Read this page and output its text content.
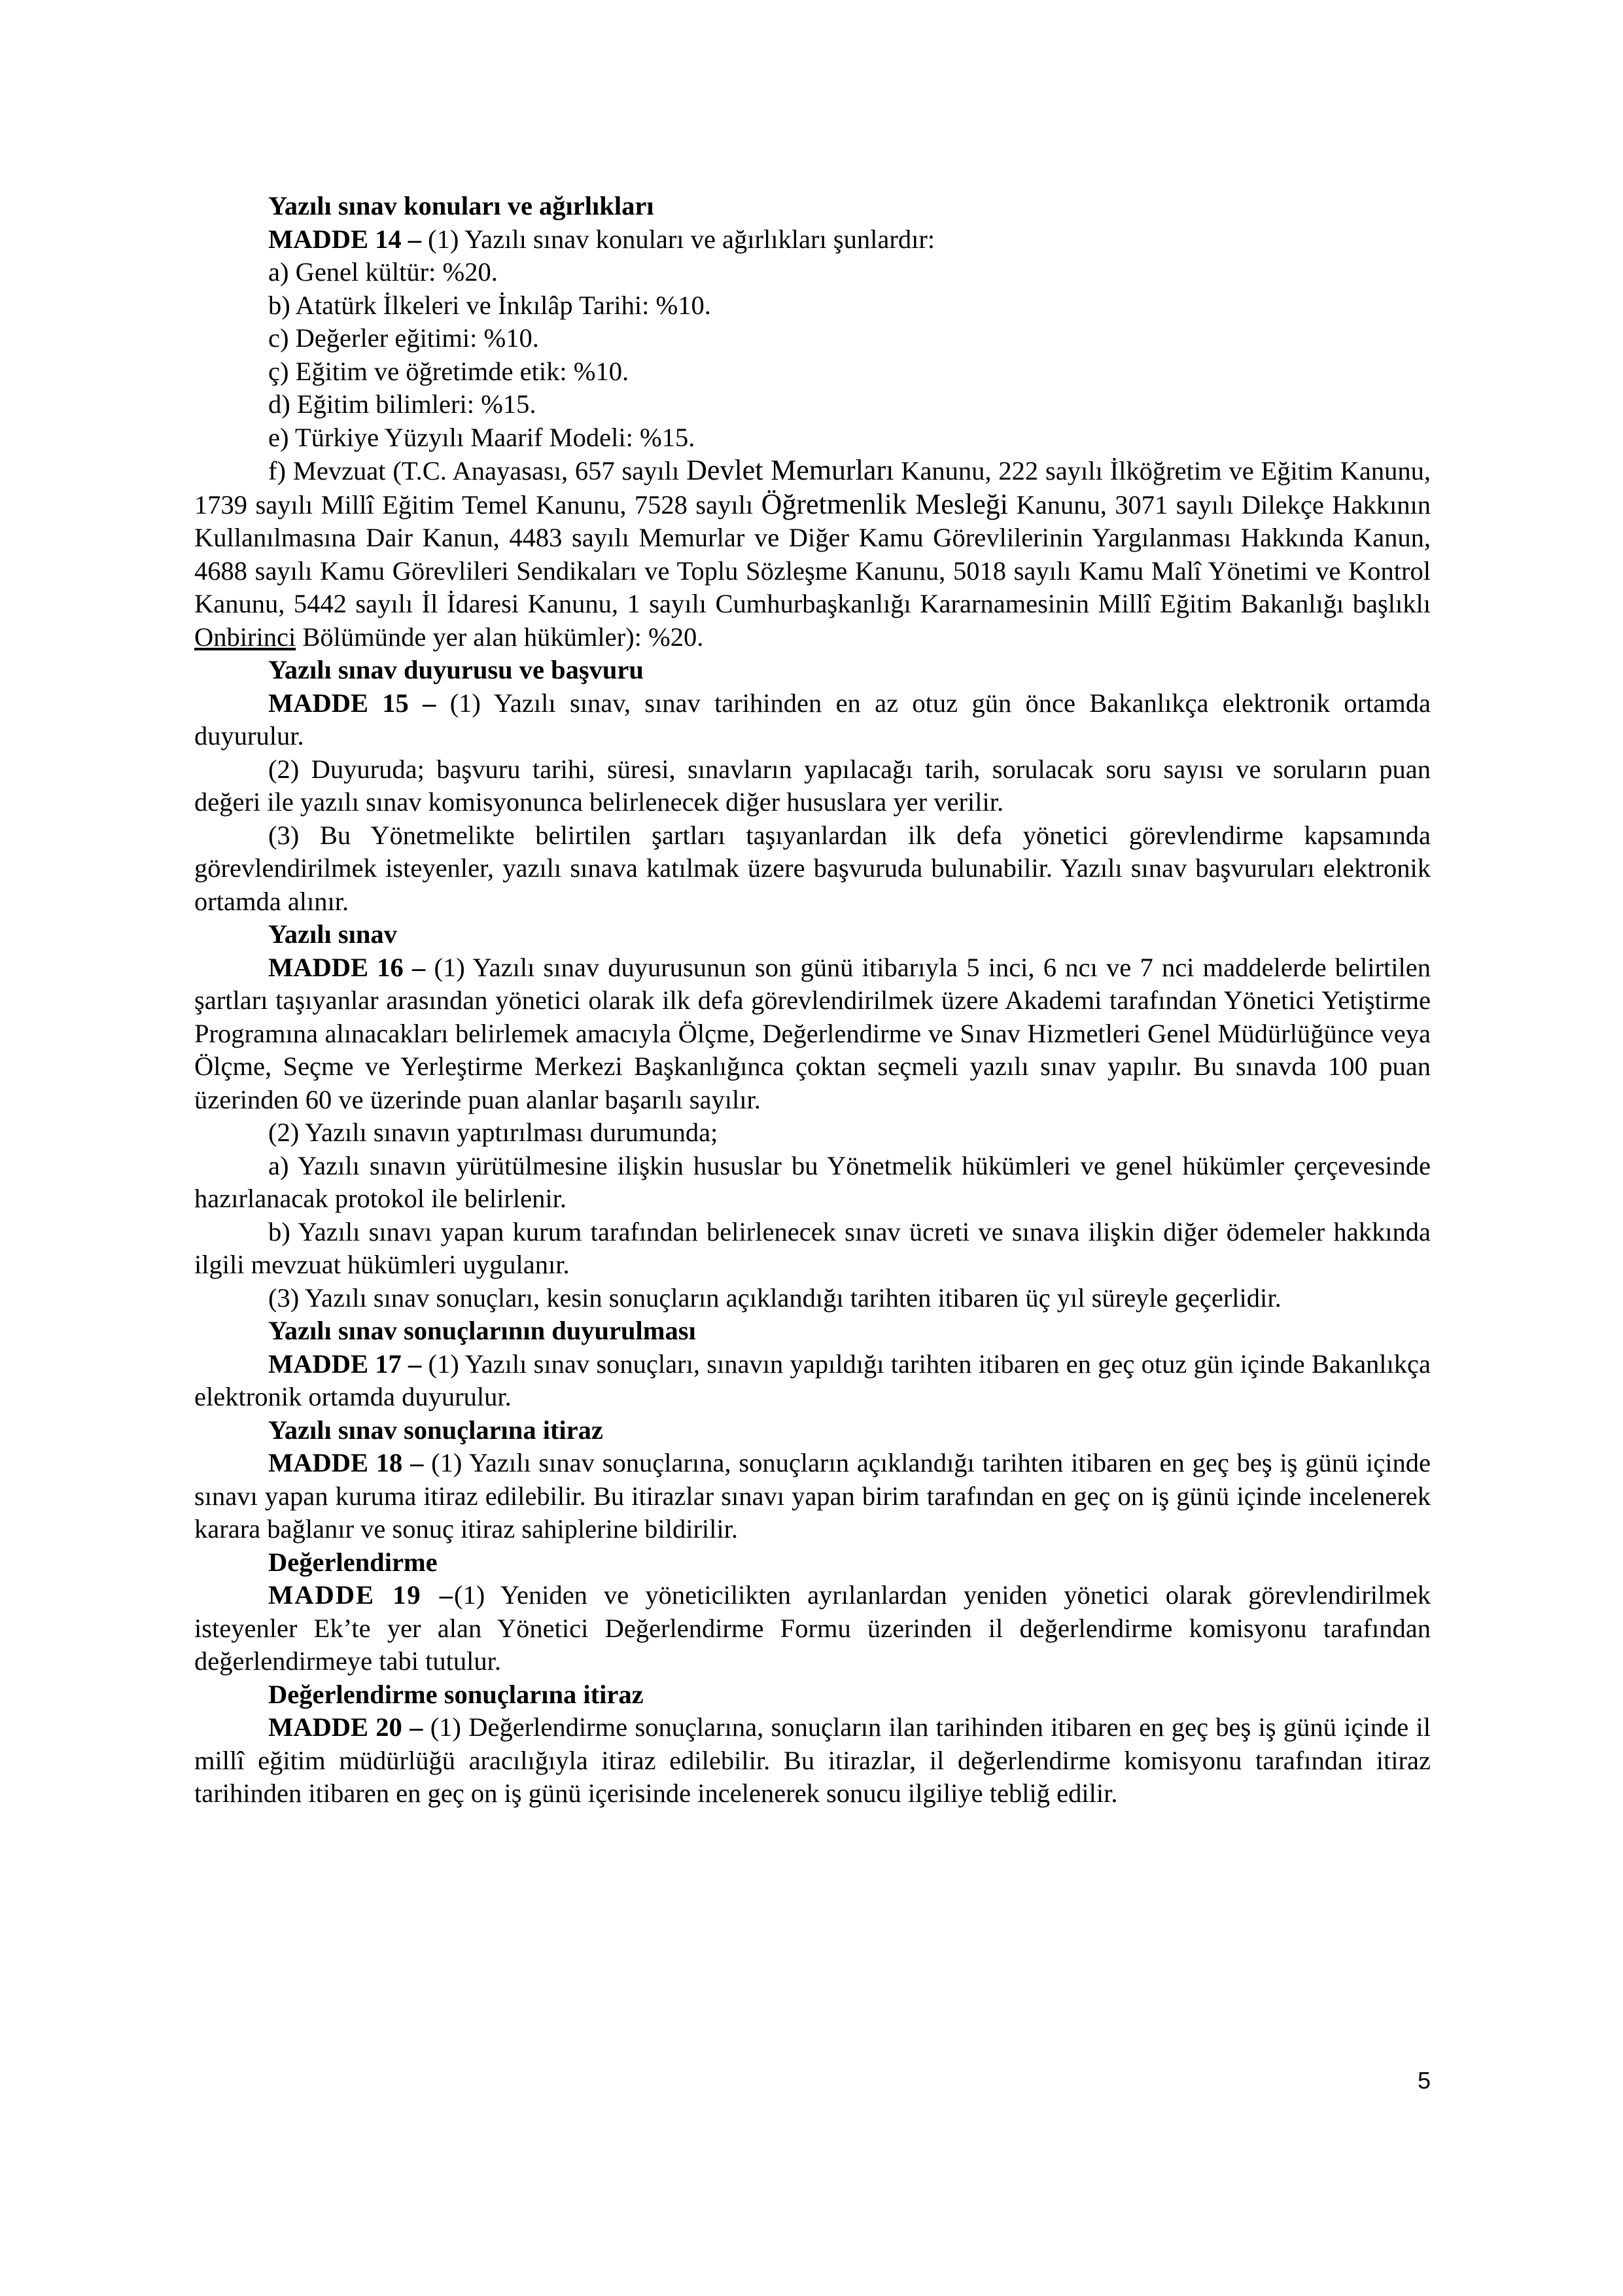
Yazılı sınav konuları ve ağırlıkları

MADDE 14 – (1) Yazılı sınav konuları ve ağırlıkları şunlardır:

a) Genel kültür: %20.

b) Atatürk İlkeleri ve İnkılâp Tarihi: %10.

c) Değerler eğitimi: %10.

ç) Eğitim ve öğretimde etik: %10.

d) Eğitim bilimleri: %15.

e) Türkiye Yüzyılı Maarif Modeli: %15.

f) Mevzuat (T.C. Anayasası, 657 sayılı Devlet Memurları Kanunu, 222 sayılı İlköğretim ve Eğitim Kanunu, 1739 sayılı Millî Eğitim Temel Kanunu, 7528 sayılı Öğretmenlik Mesleği Kanunu, 3071 sayılı Dilekçe Hakkının Kullanılmasına Dair Kanun, 4483 sayılı Memurlar ve Diğer Kamu Görevlilerinin Yargılanması Hakkında Kanun, 4688 sayılı Kamu Görevlileri Sendikaları ve Toplu Sözleşme Kanunu, 5018 sayılı Kamu Malî Yönetimi ve Kontrol Kanunu, 5442 sayılı İl İdaresi Kanunu, 1 sayılı Cumhurbaşkanlığı Kararnamesinin Millî Eğitim Bakanlığı başlıklı Onbirinci Bölümünde yer alan hükümler): %20.

Yazılı sınav duyurusu ve başvuru

MADDE 15 – (1) Yazılı sınav, sınav tarihinden en az otuz gün önce Bakanlıkça elektronik ortamda duyurulur.

(2) Duyuruda; başvuru tarihi, süresi, sınavların yapılacağı tarih, sorulacak soru sayısı ve soruların puan değeri ile yazılı sınav komisyonunca belirlenecek diğer hususlara yer verilir.

(3) Bu Yönetmelikte belirtilen şartları taşıyanlardan ilk defa yönetici görevlendirme kapsamında görevlendirilmek isteyenler, yazılı sınava katılmak üzere başvuruda bulunabilir. Yazılı sınav başvuruları elektronik ortamda alınır.

Yazılı sınav

MADDE 16 – (1) Yazılı sınav duyurusunun son günü itibarıyla 5 inci, 6 ncı ve 7 nci maddelerde belirtilen şartları taşıyanlar arasından yönetici olarak ilk defa görevlendirilmek üzere Akademi tarafından Yönetici Yetiştirme Programına alınacakları belirlemek amacıyla Ölçme, Değerlendirme ve Sınav Hizmetleri Genel Müdürlüğünce veya Ölçme, Seçme ve Yerleştirme Merkezi Başkanlığınca çoktan seçmeli yazılı sınav yapılır. Bu sınavda 100 puan üzerinden 60 ve üzerinde puan alanlar başarılı sayılır.

(2) Yazılı sınavın yaptırılması durumunda;

a) Yazılı sınavın yürütülmesine ilişkin hususlar bu Yönetmelik hükümleri ve genel hükümler çerçevesinde hazırlanacak protokol ile belirlenir.

b) Yazılı sınavı yapan kurum tarafından belirlenecek sınav ücreti ve sınava ilişkin diğer ödemeler hakkında ilgili mevzuat hükümleri uygulanır.

(3) Yazılı sınav sonuçları, kesin sonuçların açıklandığı tarihten itibaren üç yıl süreyle geçerlidir.

Yazılı sınav sonuçlarının duyurulması

MADDE 17 – (1) Yazılı sınav sonuçları, sınavın yapıldığı tarihten itibaren en geç otuz gün içinde Bakanlıkça elektronik ortamda duyurulur.

Yazılı sınav sonuçlarına itiraz

MADDE 18 – (1) Yazılı sınav sonuçlarına, sonuçların açıklandığı tarihten itibaren en geç beş iş günü içinde sınavı yapan kuruma itiraz edilebilir. Bu itirazlar sınavı yapan birim tarafından en geç on iş günü içinde incelenerek karara bağlanır ve sonuç itiraz sahiplerine bildirilir.

Değerlendirme

MADDE 19 –(1) Yeniden ve yöneticilikten ayrılanlardan yeniden yönetici olarak görevlendirilmek isteyenler Ek’te yer alan Yönetici Değerlendirme Formu üzerinden il değerlendirme komisyonu tarafından değerlendirmeye tabi tutulur.

Değerlendirme sonuçlarına itiraz

MADDE 20 – (1) Değerlendirme sonuçlarına, sonuçların ilan tarihinden itibaren en geç beş iş günü içinde il millî eğitim müdürlüğü aracılığıyla itiraz edilebilir. Bu itirazlar, il değerlendirme komisyonu tarafından itiraz tarihinden itibaren en geç on iş günü içerisinde incelenerek sonucu ilgiliye tebliğ edilir.

5
